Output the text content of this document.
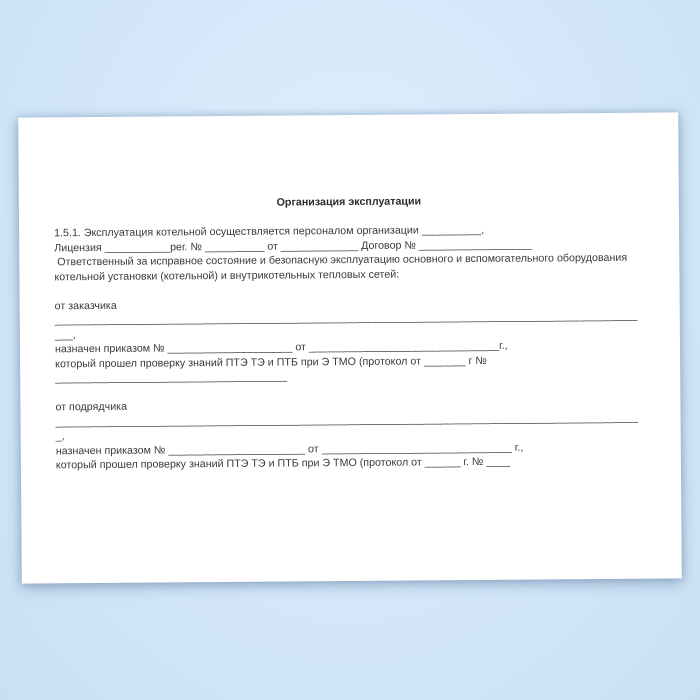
Организация эксплуатации
1.5.1. Эксплуатация котельной осуществляется персоналом организации __________,
Лицензия ___________рег. № __________ от _____________ Договор № ___________________
Ответственный за исправное состояние и безопасную эксплуатацию основного и вспомогательного оборудования
котельной установки (котельной) и внутрикотельных тепловых сетей:
от заказчика
__________________________________________________________________________________________________
___,
назначен приказом № _____________________ от ________________________________г.,
который прошел проверку знаний ПТЭ ТЭ и ПТБ при Э ТМО (протокол от _______ г №
_______________________________________
от подрядчика
__________________________________________________________________________________________________
_,
назначен приказом № _______________________ от ________________________________ г.,
который прошел проверку знаний ПТЭ ТЭ и ПТБ при Э ТМО (протокол от ______ г. № ____
